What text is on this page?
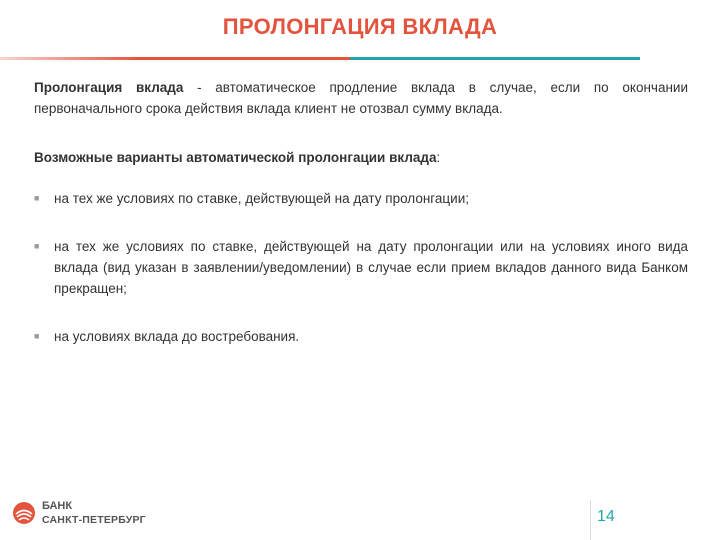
ПРОЛОНГАЦИЯ ВКЛАДА

Пролонгация вклада - автоматическое продление вклада в случае, если по окончании первоначального срока действия вклада клиент не отозвал сумму вклада.

Возможные варианты автоматической пролонгации вклада:

■ на тех же условиях по ставке, действующей на дату пролонгации;
■ на тех же условиях по ставке, действующей на дату пролонгации или на условиях иного вида вклада (вид указан в заявлении/уведомлении) в случае если прием вкладов данного вида Банком прекращен;
■ на условиях вклада до востребования.
БАНК
САНКТ-ПЕТЕРБУРГ	14
